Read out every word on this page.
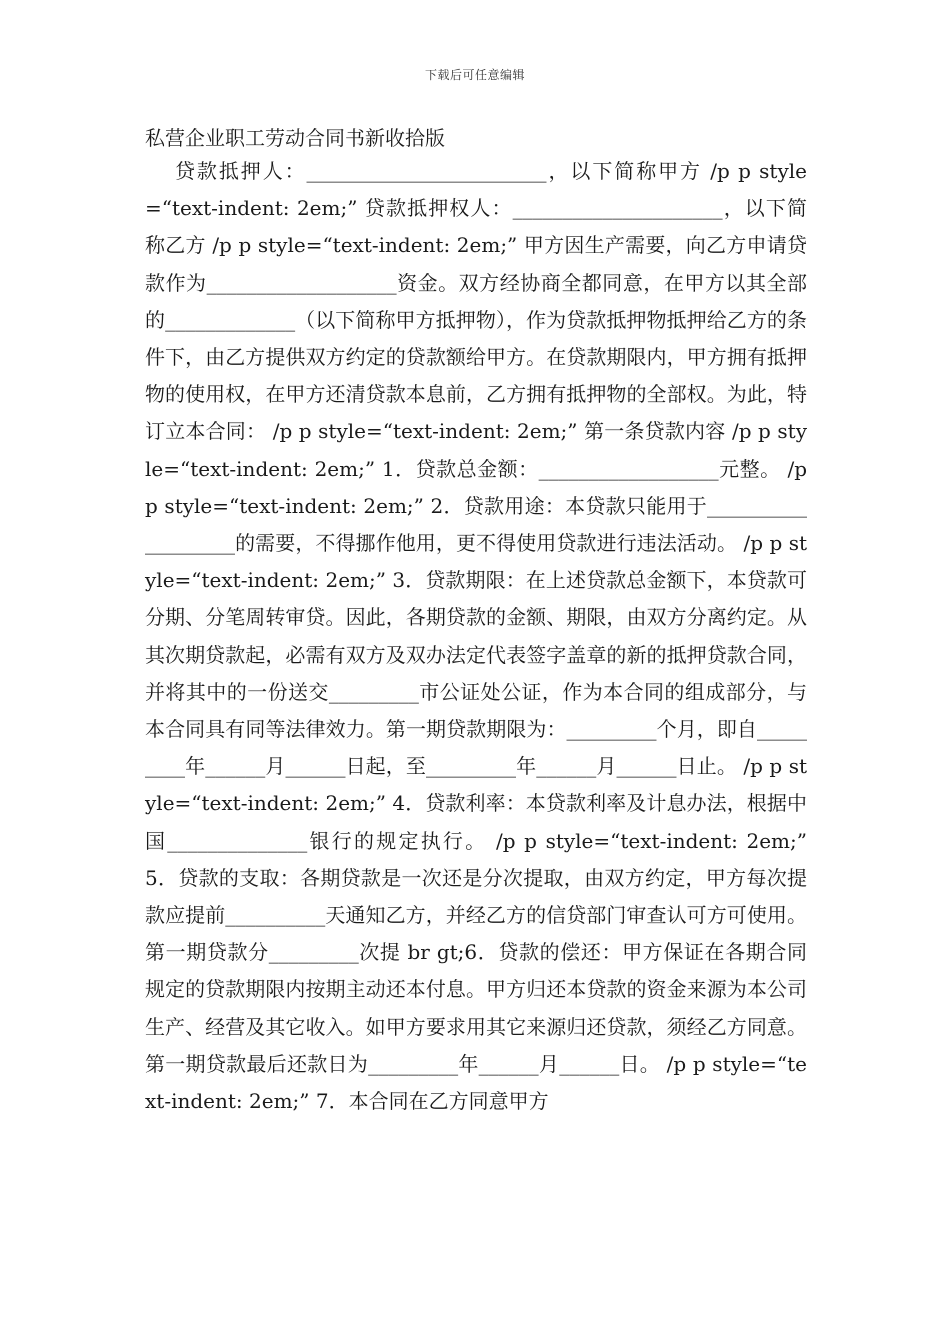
下载后可任意编辑
私营企业职工劳动合同书新收拾版
贷款抵押人：________________________，以下简称甲方 /p p style=“text-indent: 2em;” 贷款抵押权人：_____________________，以下简称乙方 /p p style=“text-indent: 2em;” 甲方因生产需要，向乙方申请贷款作为___________________资金。双方经协商全都同意，在甲方以其全部的_____________（以下简称甲方抵押物），作为贷款抵押物抵押给乙方的条件下，由乙方提供双方约定的贷款额给甲方。在贷款期限内，甲方拥有抵押物的使用权，在甲方还清贷款本息前，乙方拥有抵押物的全部权。为此，特订立本合同： /p p style=“text-indent: 2em;” 第一条贷款内容 /p p style=“text-indent: 2em;” 1．贷款总金额：__________________元整。 /p p style=“text-indent: 2em;” 2．贷款用途：本贷款只能用于___________________的需要，不得挪作他用，更不得使用贷款进行违法活动。 /p p style=“text-indent: 2em;” 3．贷款期限：在上述贷款总金额下，本贷款可分期、分笔周转审贷。因此，各期贷款的金额、期限，由双方分离约定。从其次期贷款起，必需有双方及双办法定代表签字盖章的新的抵押贷款合同，并将其中的一份送交_________市公证处公证，作为本合同的组成部分，与本合同具有同等法律效力。第一期贷款期限为：_________个月，即自_________年______月______日起，至_________年______月______日止。 /p p style=“text-indent: 2em;” 4．贷款利率：本贷款利率及计息办法，根据中国______________银行的规定执行。 /p p style=“text-indent: 2em;” 5．贷款的支取：各期贷款是一次还是分次提取，由双方约定，甲方每次提款应提前__________天通知乙方，并经乙方的信贷部门审查认可方可使用。第一期贷款分_________次提 br gt;6．贷款的偿还：甲方保证在各期合同规定的贷款期限内按期主动还本付息。甲方归还本贷款的资金来源为本公司生产、经营及其它收入。如甲方要求用其它来源归还贷款，须经乙方同意。第一期贷款最后还款日为_________年______月______日。 /p p style=“text-indent: 2em;” 7．本合同在乙方同意甲方
